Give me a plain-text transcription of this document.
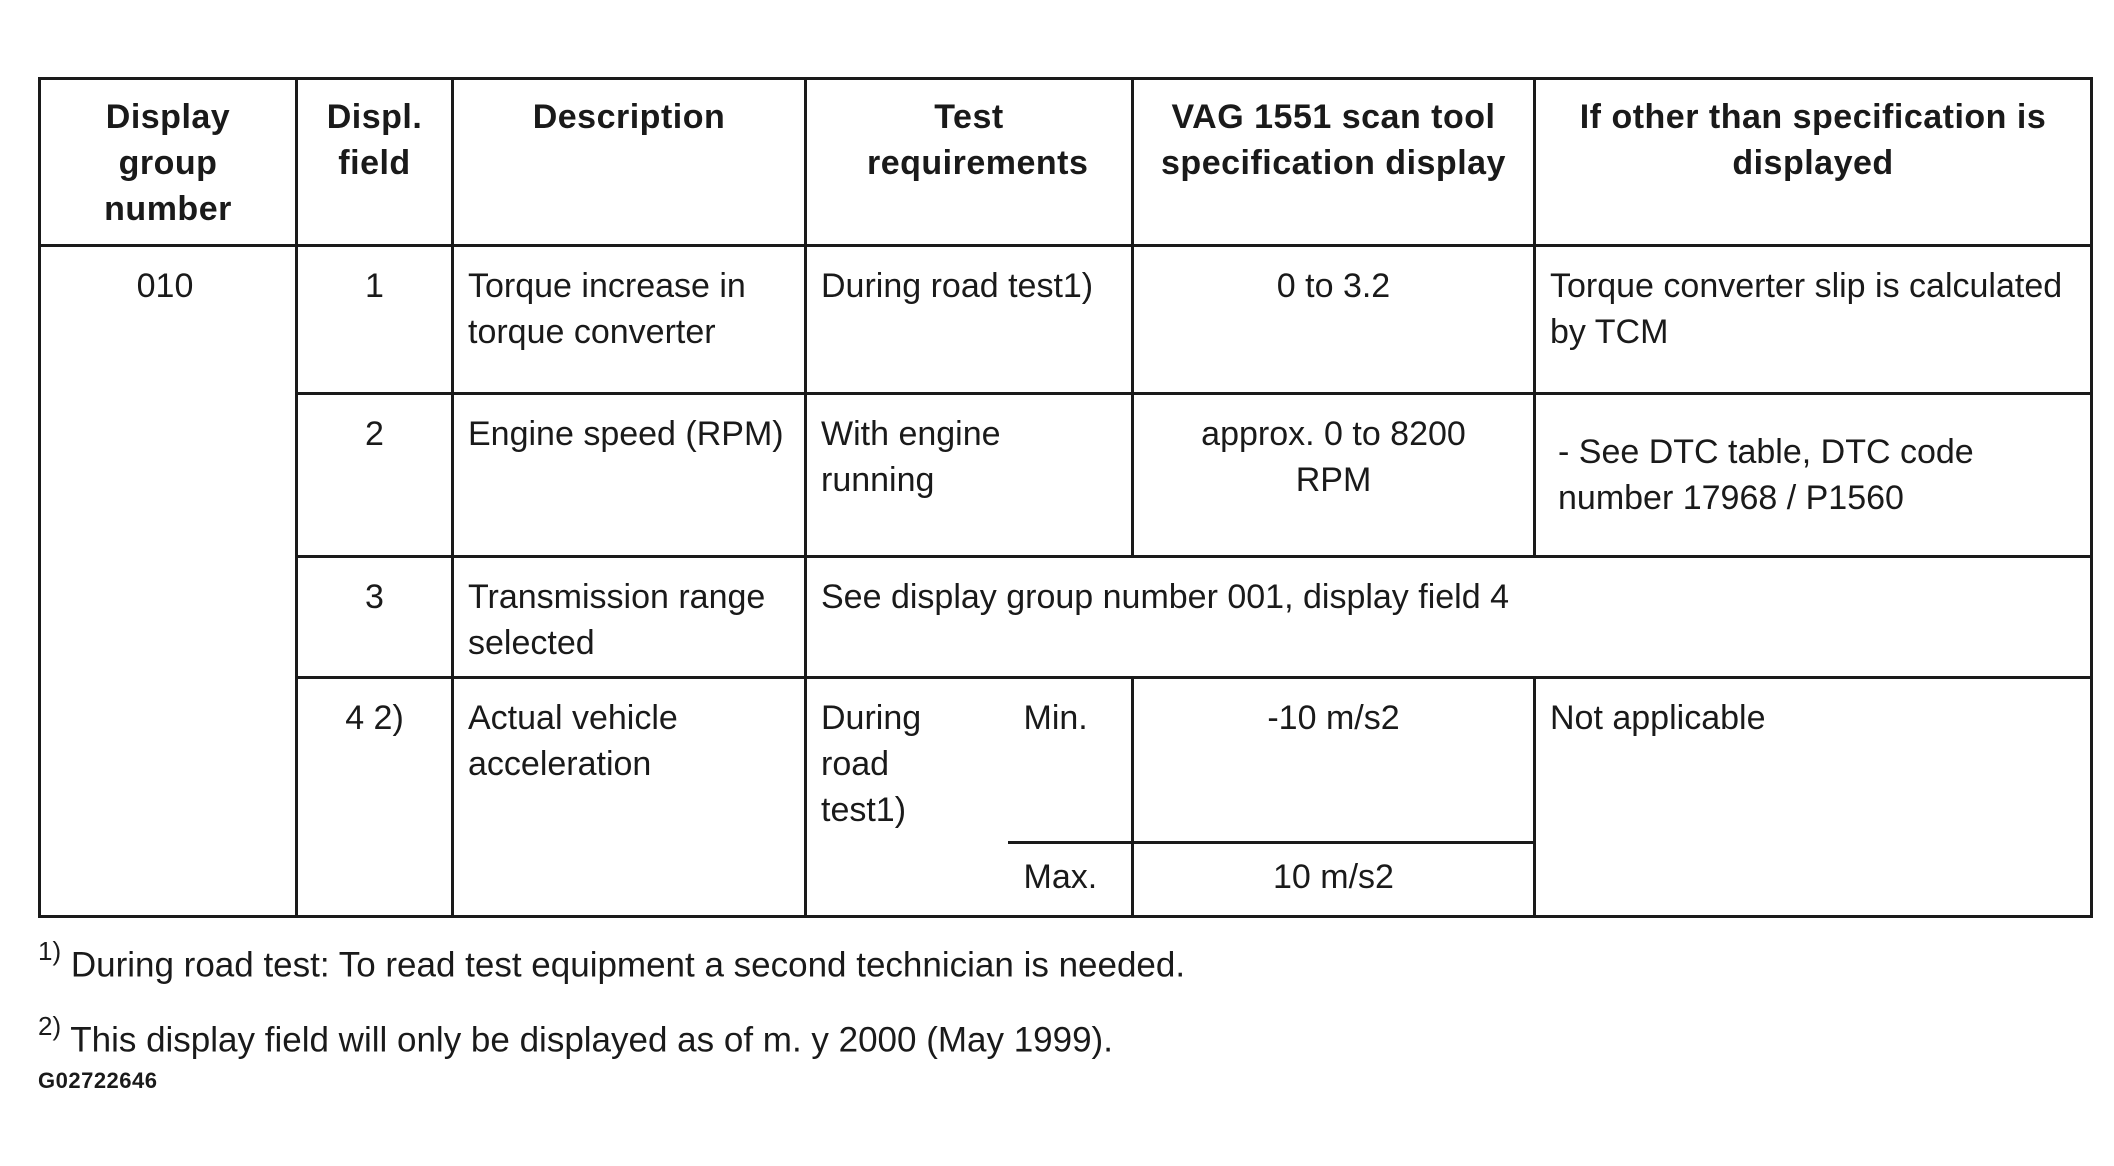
Display group number	Displ. field	Description	Test requirements		VAG 1551 scan tool specification display	If other than specification is displayed

010	1	Torque increase in torque converter	During road test1)		0 to 3.2	Torque converter slip is calculated by TCM

	2	Engine speed (RPM)	With engine running		approx. 0 to 8200 RPM	- See DTC table, DTC code number 17968 / P1560

	3	Transmission range selected	See display group number 001, display field 4			

	4 2)	Actual vehicle acceleration	During road test1)	Min.	-10 m/s2	Not applicable

				Max.	10 m/s2	
$^{1)}$ During road test: To read test equipment a second technician is needed.
$^{2)}$ This display field will only be displayed as of m. y 2000 (May 1999).
G02722646
